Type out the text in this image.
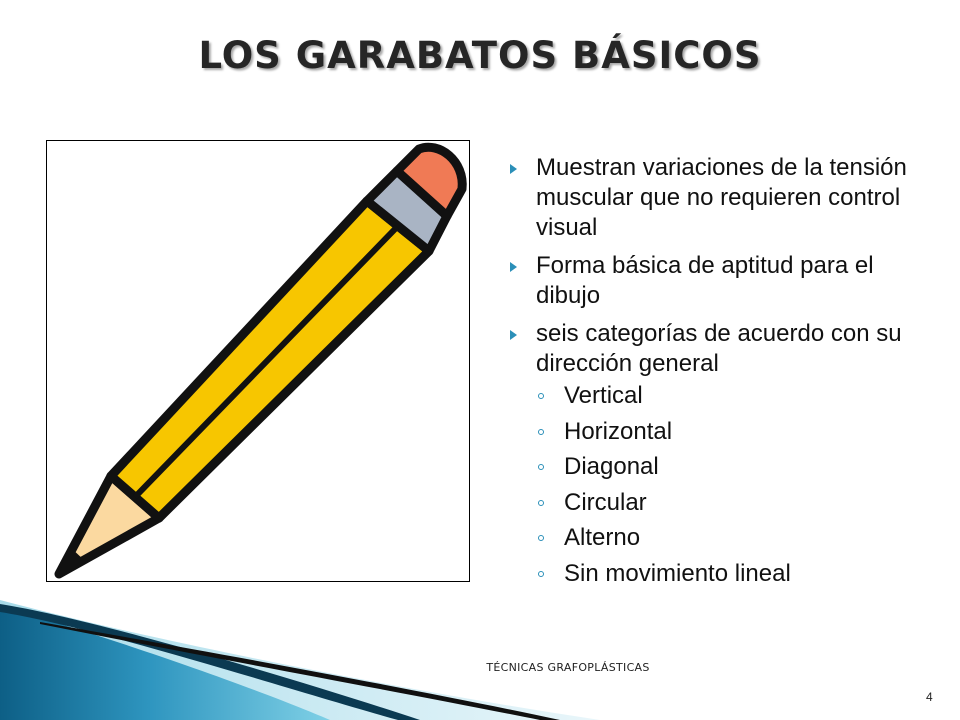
LOS GARABATOS BÁSICOS
Muestran variaciones de la tensión muscular que no requieren control visual
Forma básica de aptitud para el dibujo
seis categorías de acuerdo con su dirección general
Vertical
Horizontal
Diagonal
Circular
Alterno
Sin movimiento lineal
TÉCNICAS GRAFOPLÁSTICAS
4
